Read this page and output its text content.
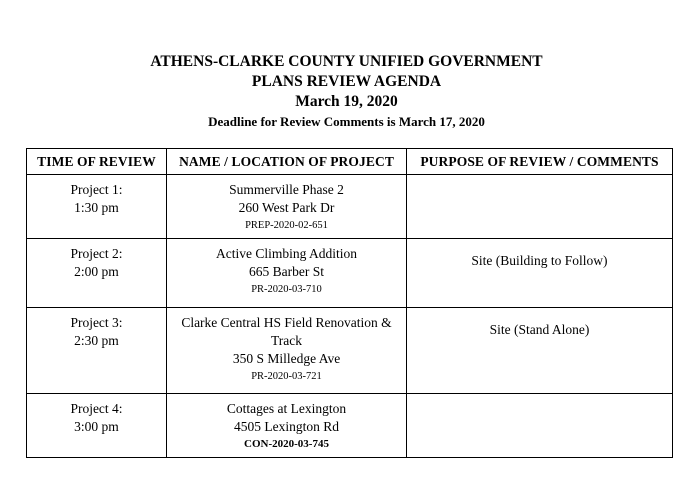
ATHENS-CLARKE COUNTY UNIFIED GOVERNMENT
PLANS REVIEW AGENDA
March 19, 2020
Deadline for Review Comments is March 17, 2020
TIME OF REVIEW	NAME / LOCATION OF PROJECT	PURPOSE OF REVIEW / COMMENTS

Project 1:
1:30 pm	Summerville Phase 2
260 West Park Dr
PREP-2020-02-651	

Project 2:
2:00 pm	Active Climbing Addition
665 Barber St
PR-2020-03-710	Site (Building to Follow)

Project 3:
2:30 pm	Clarke Central HS Field Renovation &
Track
350 S Milledge Ave
PR-2020-03-721	Site (Stand Alone)

Project 4:
3:00 pm	Cottages at Lexington
4505 Lexington Rd
CON-2020-03-745	
